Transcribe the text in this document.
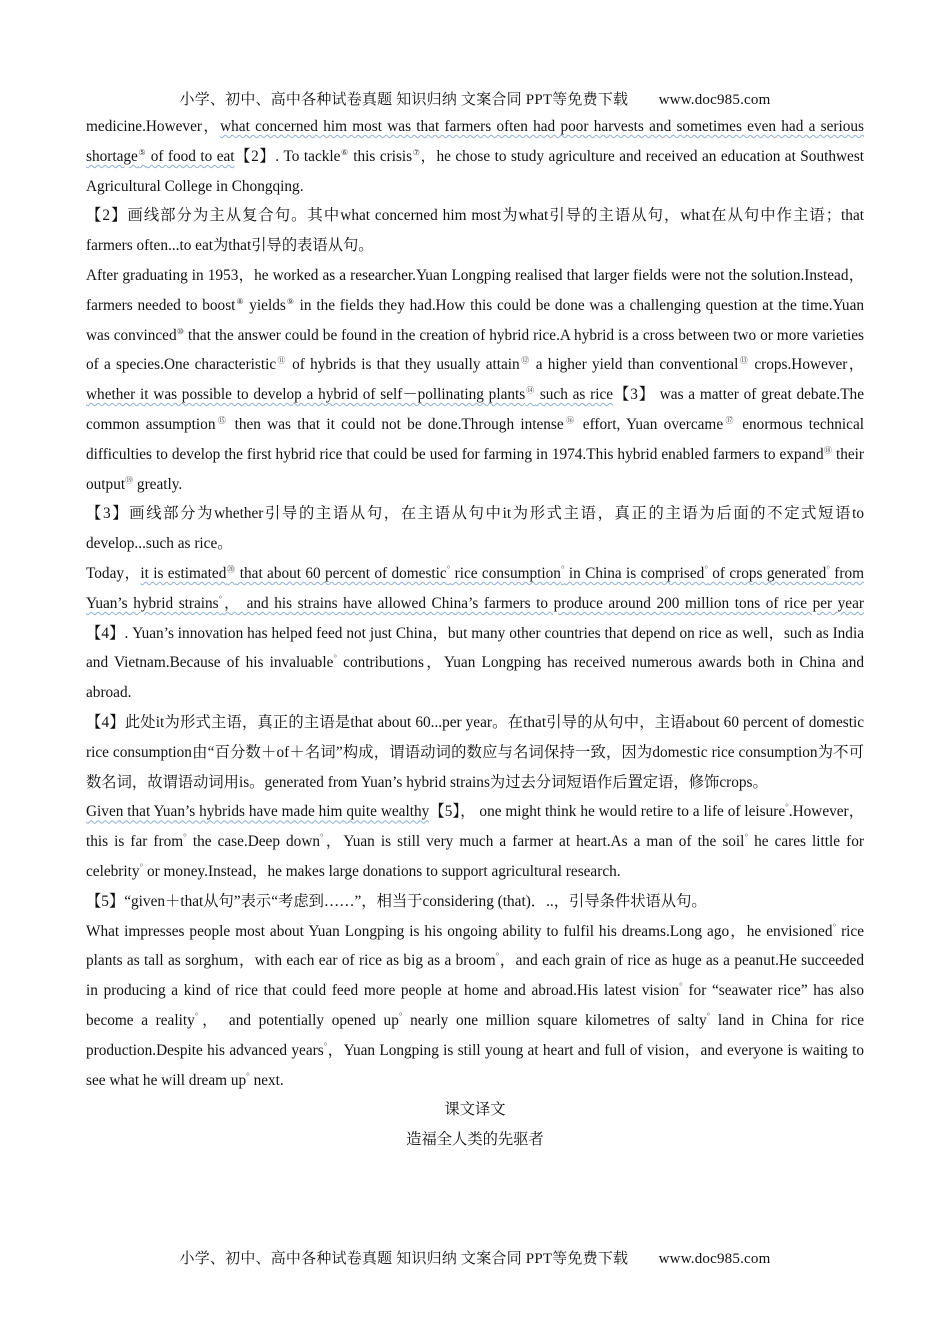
小学、初中、高中各种试卷真题 知识归纳 文案合同 PPT等免费下载　　www.doc985.com

medicine.However，what concerned him most was that farmers often had poor harvests and sometimes even had a serious shortage⑤ of food to eat【2】. To tackle⑥ this crisis⑦，he chose to study agriculture and received an education at Southwest Agricultural College in Chongqing.

【2】画线部分为主从复合句。其中what concerned him most为what引导的主语从句，what在从句中作主语；that farmers often...to eat为that引导的表语从句。

After graduating in 1953，he worked as a researcher.Yuan Longping realised that larger fields were not the solution.Instead， farmers needed to boost⑧ yields⑨ in the fields they had.How this could be done was a challenging question at the time.Yuan was convinced⑩ that the answer could be found in the creation of hybrid rice.A hybrid is a cross between two or more varieties of a species.One characteristic⑪ of hybrids is that they usually attain⑫ a higher yield than conventional⑬ crops.However，whether it was possible to develop a hybrid of self－pollinating plants⑭ such as rice【3】 was a matter of great debate.The common assumption⑮ then was that it could not be done.Through intense⑯ effort, Yuan overcame⑰ enormous technical difficulties to develop the first hybrid rice that could be used for farming in 1974.This hybrid enabled farmers to expand⑱ their output⑲ greatly.

【3】画线部分为whether引导的主语从句，在主语从句中it为形式主语，真正的主语为后面的不定式短语to develop...such as rice。

Today，it is estimated⑳ that about 60 percent of domestic° rice consumption° in China is comprised° of crops generated° from Yuan’s hybrid strains°， and his strains have allowed China’s farmers to produce around 200 million tons of rice per year【4】. Yuan’s innovation has helped feed not just China，but many other countries that depend on rice as well，such as India and Vietnam.Because of his invaluable° contributions，Yuan Longping has received numerous awards both in China and abroad.

【4】此处it为形式主语，真正的主语是that about 60...per year。在that引导的从句中，主语about 60 percent of domestic rice consumption由“百分数＋of＋名词”构成，谓语动词的数应与名词保持一致，因为domestic rice consumption为不可数名词，故谓语动词用is。generated from Yuan’s hybrid strains为过去分词短语作后置定语，修饰crops。

Given that Yuan’s hybrids have made him quite wealthy【5】， one might think he would retire to a life of leisure°.However， this is far from° the case.Deep down°，Yuan is still very much a farmer at heart.As a man of the soil° he cares little for celebrity° or money.Instead，he makes large donations to support agricultural research.

【5】“given＋that从句”表示“考虑到……”，相当于considering (that)．..，引导条件状语从句。

What impresses people most about Yuan Longping is his ongoing ability to fulfil his dreams.Long ago，he envisioned° rice plants as tall as sorghum，with each ear of rice as big as a broom°，and each grain of rice as huge as a peanut.He succeeded in producing a kind of rice that could feed more people at home and abroad.His latest vision° for “seawater rice” has also become a reality°， and potentially opened up° nearly one million square kilometres of salty° land in China for rice production.Despite his advanced years°，Yuan Longping is still young at heart and full of vision，and everyone is waiting to see what he will dream up° next.

课文译文

造福全人类的先驱者

小学、初中、高中各种试卷真题 知识归纳 文案合同 PPT等免费下载　　www.doc985.com
